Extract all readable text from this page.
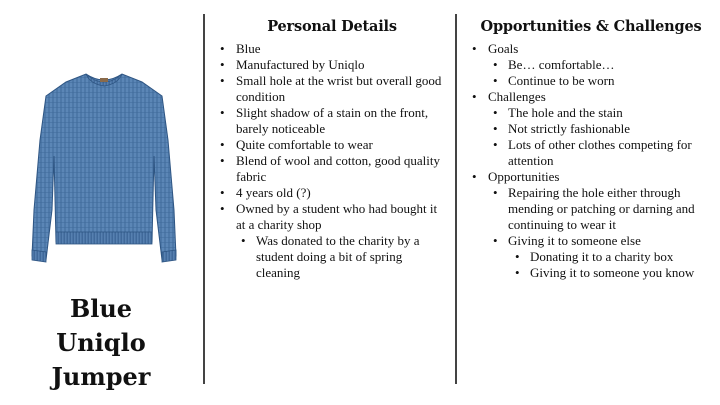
Blue
Uniqlo
Jumper
Personal Details
• Blue
• Manufactured by Uniqlo
• Small hole at the wrist but overall good condition
• Slight shadow of a stain on the front, barely noticeable
• Quite comfortable to wear
• Blend of wool and cotton, good quality fabric
• 4 years old (?)
• Owned by a student who had bought it at a charity shop
• Was donated to the charity by a student doing a bit of spring cleaning
Opportunities & Challenges
• Goals
• Be… comfortable…
• Continue to be worn
• Challenges
• The hole and the stain
• Not strictly fashionable
• Lots of other clothes competing for attention
• Opportunities
• Repairing the hole either through mending or patching or darning and continuing to wear it
• Giving it to someone else
• Donating it to a charity box
• Giving it to someone you know
